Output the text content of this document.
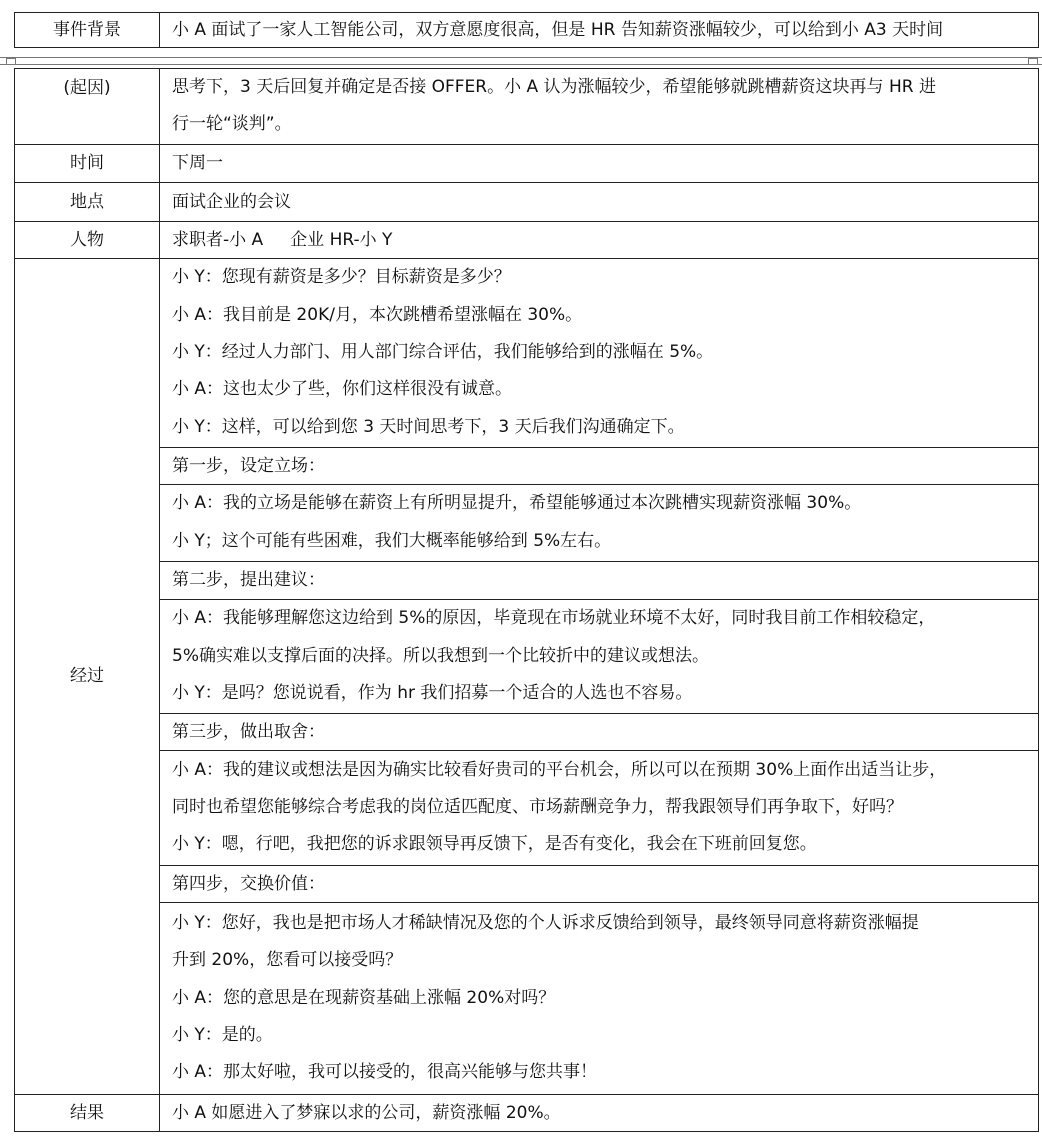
事件背景	小 A 面试了一家人工智能公司，双方意愿度很高，但是 HR 告知薪资涨幅较少，可以给到小 A3 天时间
(起因)	思考下，3 天后回复并确定是否接 OFFER。小 A 认为涨幅较少，希望能够就跳槽薪资这块再与 HR 进
行一轮“谈判”。

时间	下周一
地点	面试企业的会议
人物	求职者-小 A     企业 HR-小 Y
经过	小 Y：您现有薪资是多少？目标薪资是多少？
小 A：我目前是 20K/月，本次跳槽希望涨幅在 30%。
小 Y：经过人力部门、用人部门综合评估，我们能够给到的涨幅在 5%。
小 A：这也太少了些，你们这样很没有诚意。
小 Y：这样，可以给到您 3 天时间思考下，3 天后我们沟通确定下。

	第一步，设定立场：

	小 A：我的立场是能够在薪资上有所明显提升，希望能够通过本次跳槽实现薪资涨幅 30%。
小 Y；这个可能有些困难，我们大概率能够给到 5%左右。

	第二步，提出建议：

	小 A：我能够理解您这边给到 5%的原因，毕竟现在市场就业环境不太好，同时我目前工作相较稳定，
5%确实难以支撑后面的决择。所以我想到一个比较折中的建议或想法。
小 Y：是吗？您说说看，作为 hr 我们招募一个适合的人选也不容易。

	第三步，做出取舍：

	小 A：我的建议或想法是因为确实比较看好贵司的平台机会，所以可以在预期 30%上面作出适当让步，
同时也希望您能够综合考虑我的岗位适匹配度、市场薪酬竞争力，帮我跟领导们再争取下，好吗？
小 Y：嗯，行吧，我把您的诉求跟领导再反馈下，是否有变化，我会在下班前回复您。

	第四步，交换价值：

	小 Y：您好，我也是把市场人才稀缺情况及您的个人诉求反馈给到领导，最终领导同意将薪资涨幅提
升到 20%，您看可以接受吗？
小 A：您的意思是在现薪资基础上涨幅 20%对吗？
小 Y：是的。
小 A：那太好啦，我可以接受的，很高兴能够与您共事！

结果	小 A 如愿进入了梦寐以求的公司，薪资涨幅 20%。
